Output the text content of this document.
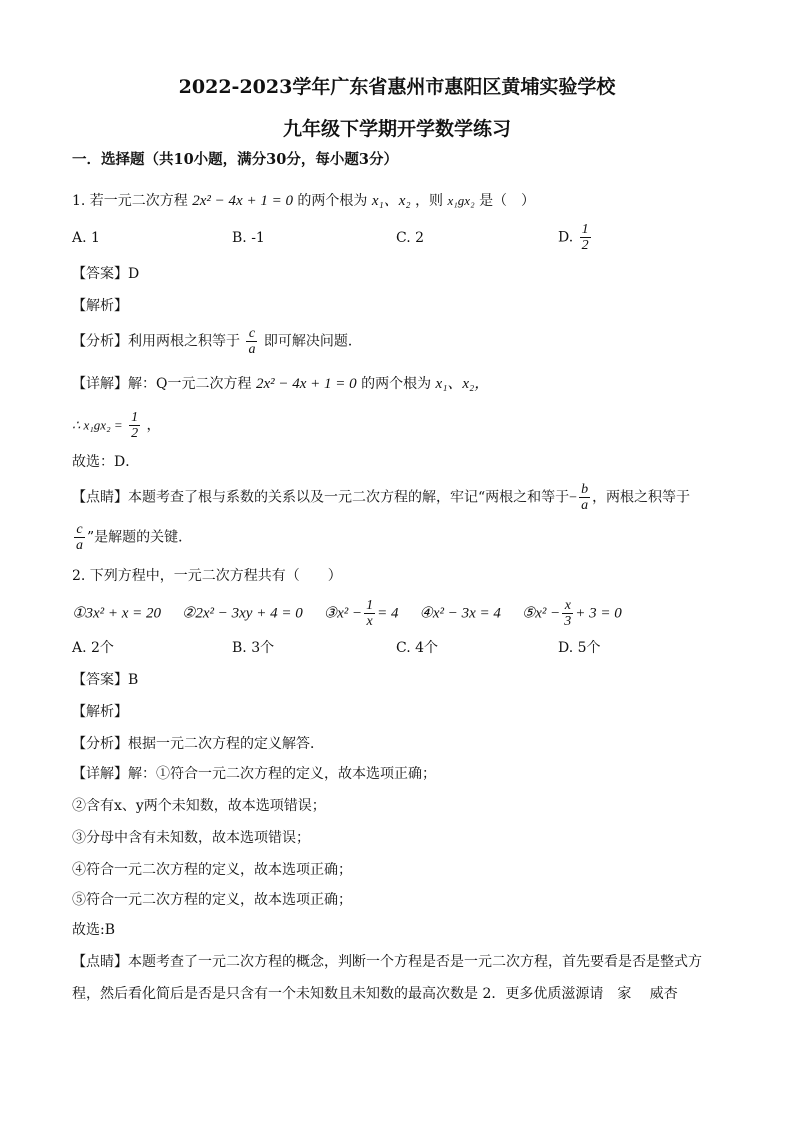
2022-2023学年广东省惠州市惠阳区黄埔实验学校
九年级下学期开学数学练习
一．选择题（共10小题，满分30分，每小题3分）
1. 若一元二次方程 2x² − 4x + 1 = 0 的两个根为 x₁、x₂ ，则 x₁gx₂ 是（　）
A. 1	B. -1	C. 2	D. $\frac{1}{2}$
【答案】D
【解析】
【分析】利用两根之积等于 $\frac{c}{a}$ 即可解决问题．
【详解】解：Q一元二次方程 2x² − 4x + 1 = 0 的两个根为 x₁、x₂，
∴ $x_1gx_2 = \frac{1}{2}$ ，
故选：D．
【点睛】本题考查了根与系数的关系以及一元二次方程的解，牢记“两根之和等于− $\frac{b}{a}$ ，两根之积等于
$\frac{c}{a}$ ”是解题的关键．
2. 下列方程中，一元二次方程共有（　　）
①3x² + x = 20 ②2x² − 3xy + 4 = 0 ③x² − $\frac{1}{x} = 4$ ④x² − 3x = 4 ⑤x² − $\frac{x}{3} + 3 = 0$
A. 2个	B. 3个	C. 4个	D. 5个
【答案】B
【解析】
【分析】根据一元二次方程的定义解答．
【详解】解：①符合一元二次方程的定义，故本选项正确；
②含有x、y两个未知数，故本选项错误；
③分母中含有未知数，故本选项错误；
④符合一元二次方程的定义，故本选项正确；
⑤符合一元二次方程的定义，故本选项正确；
故选:B
【点睛】本题考查了一元二次方程的概念，判断一个方程是否是一元二次方程，首先要看是否是整式方
程，然后看化简后是否是只含有一个未知数且未知数的最高次数是 2．更多优质滋源请　家　 威杏
